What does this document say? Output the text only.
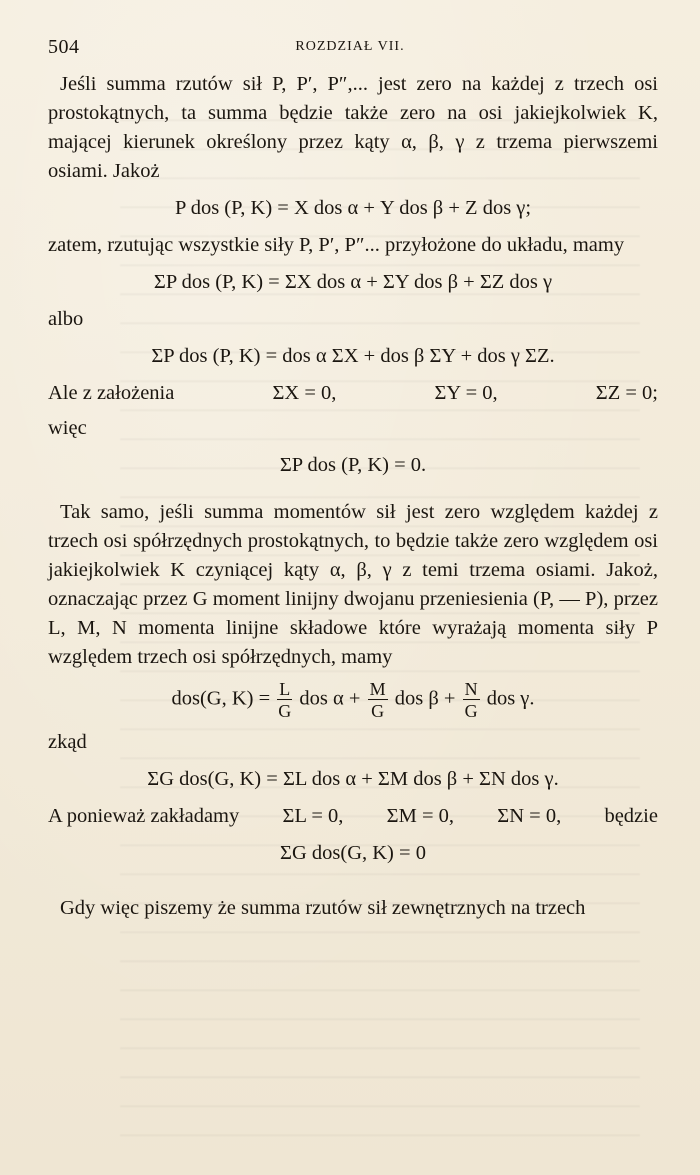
504	ROZDZIAŁ VII.

Jeśli summa rzutów sił P, P′, P″,... jest zero na każdej z trzech osi prostokątnych, ta summa będzie także zero na osi jakiejkolwiek K, mającej kierunek określony przez kąty α, β, γ z trzema pierwszemi osiami. Jakoż

P dos (P, K) = X dos α + Y dos β + Z dos γ;

zatem, rzutując wszystkie siły P, P′, P″... przyłożone do układu, mamy

ΣP dos (P, K) = ΣX dos α + ΣY dos β + ΣZ dos γ
albo
ΣP dos (P, K) = dos α ΣX + dos β ΣY + dos γ ΣZ.
Ale z założenia	ΣX = 0,	ΣY = 0,	ΣZ = 0;
więc
ΣP dos (P, K) = 0.

Tak samo, jeśli summa momentów sił jest zero względem każdej z trzech osi spółrzędnych prostokątnych, to będzie także zero względem osi jakiejkolwiek K czyniącej kąty α, β, γ z temi trzema osiami. Jakoż, oznaczając przez G moment linijny dwojanu przeniesienia (P, — P), przez L, M, N momenta linijne składowe które wyrażają momenta siły P względem trzech osi spółrzędnych, mamy

dos(G, $K) = \frac{L}{G}$ dos $\alpha + \frac{M}{G}$ dos $\beta + \frac{N}{G}$ dos γ.
zkąd
ΣG dos(G, K) = ΣL dos α + ΣM dos β + ΣN dos γ.
A ponieważ zakładamy ΣL = 0, ΣM = 0, ΣN = 0, będzie
ΣG dos(G, K) = 0

Gdy więc piszemy że summa rzutów sił zewnętrznych na trzech
